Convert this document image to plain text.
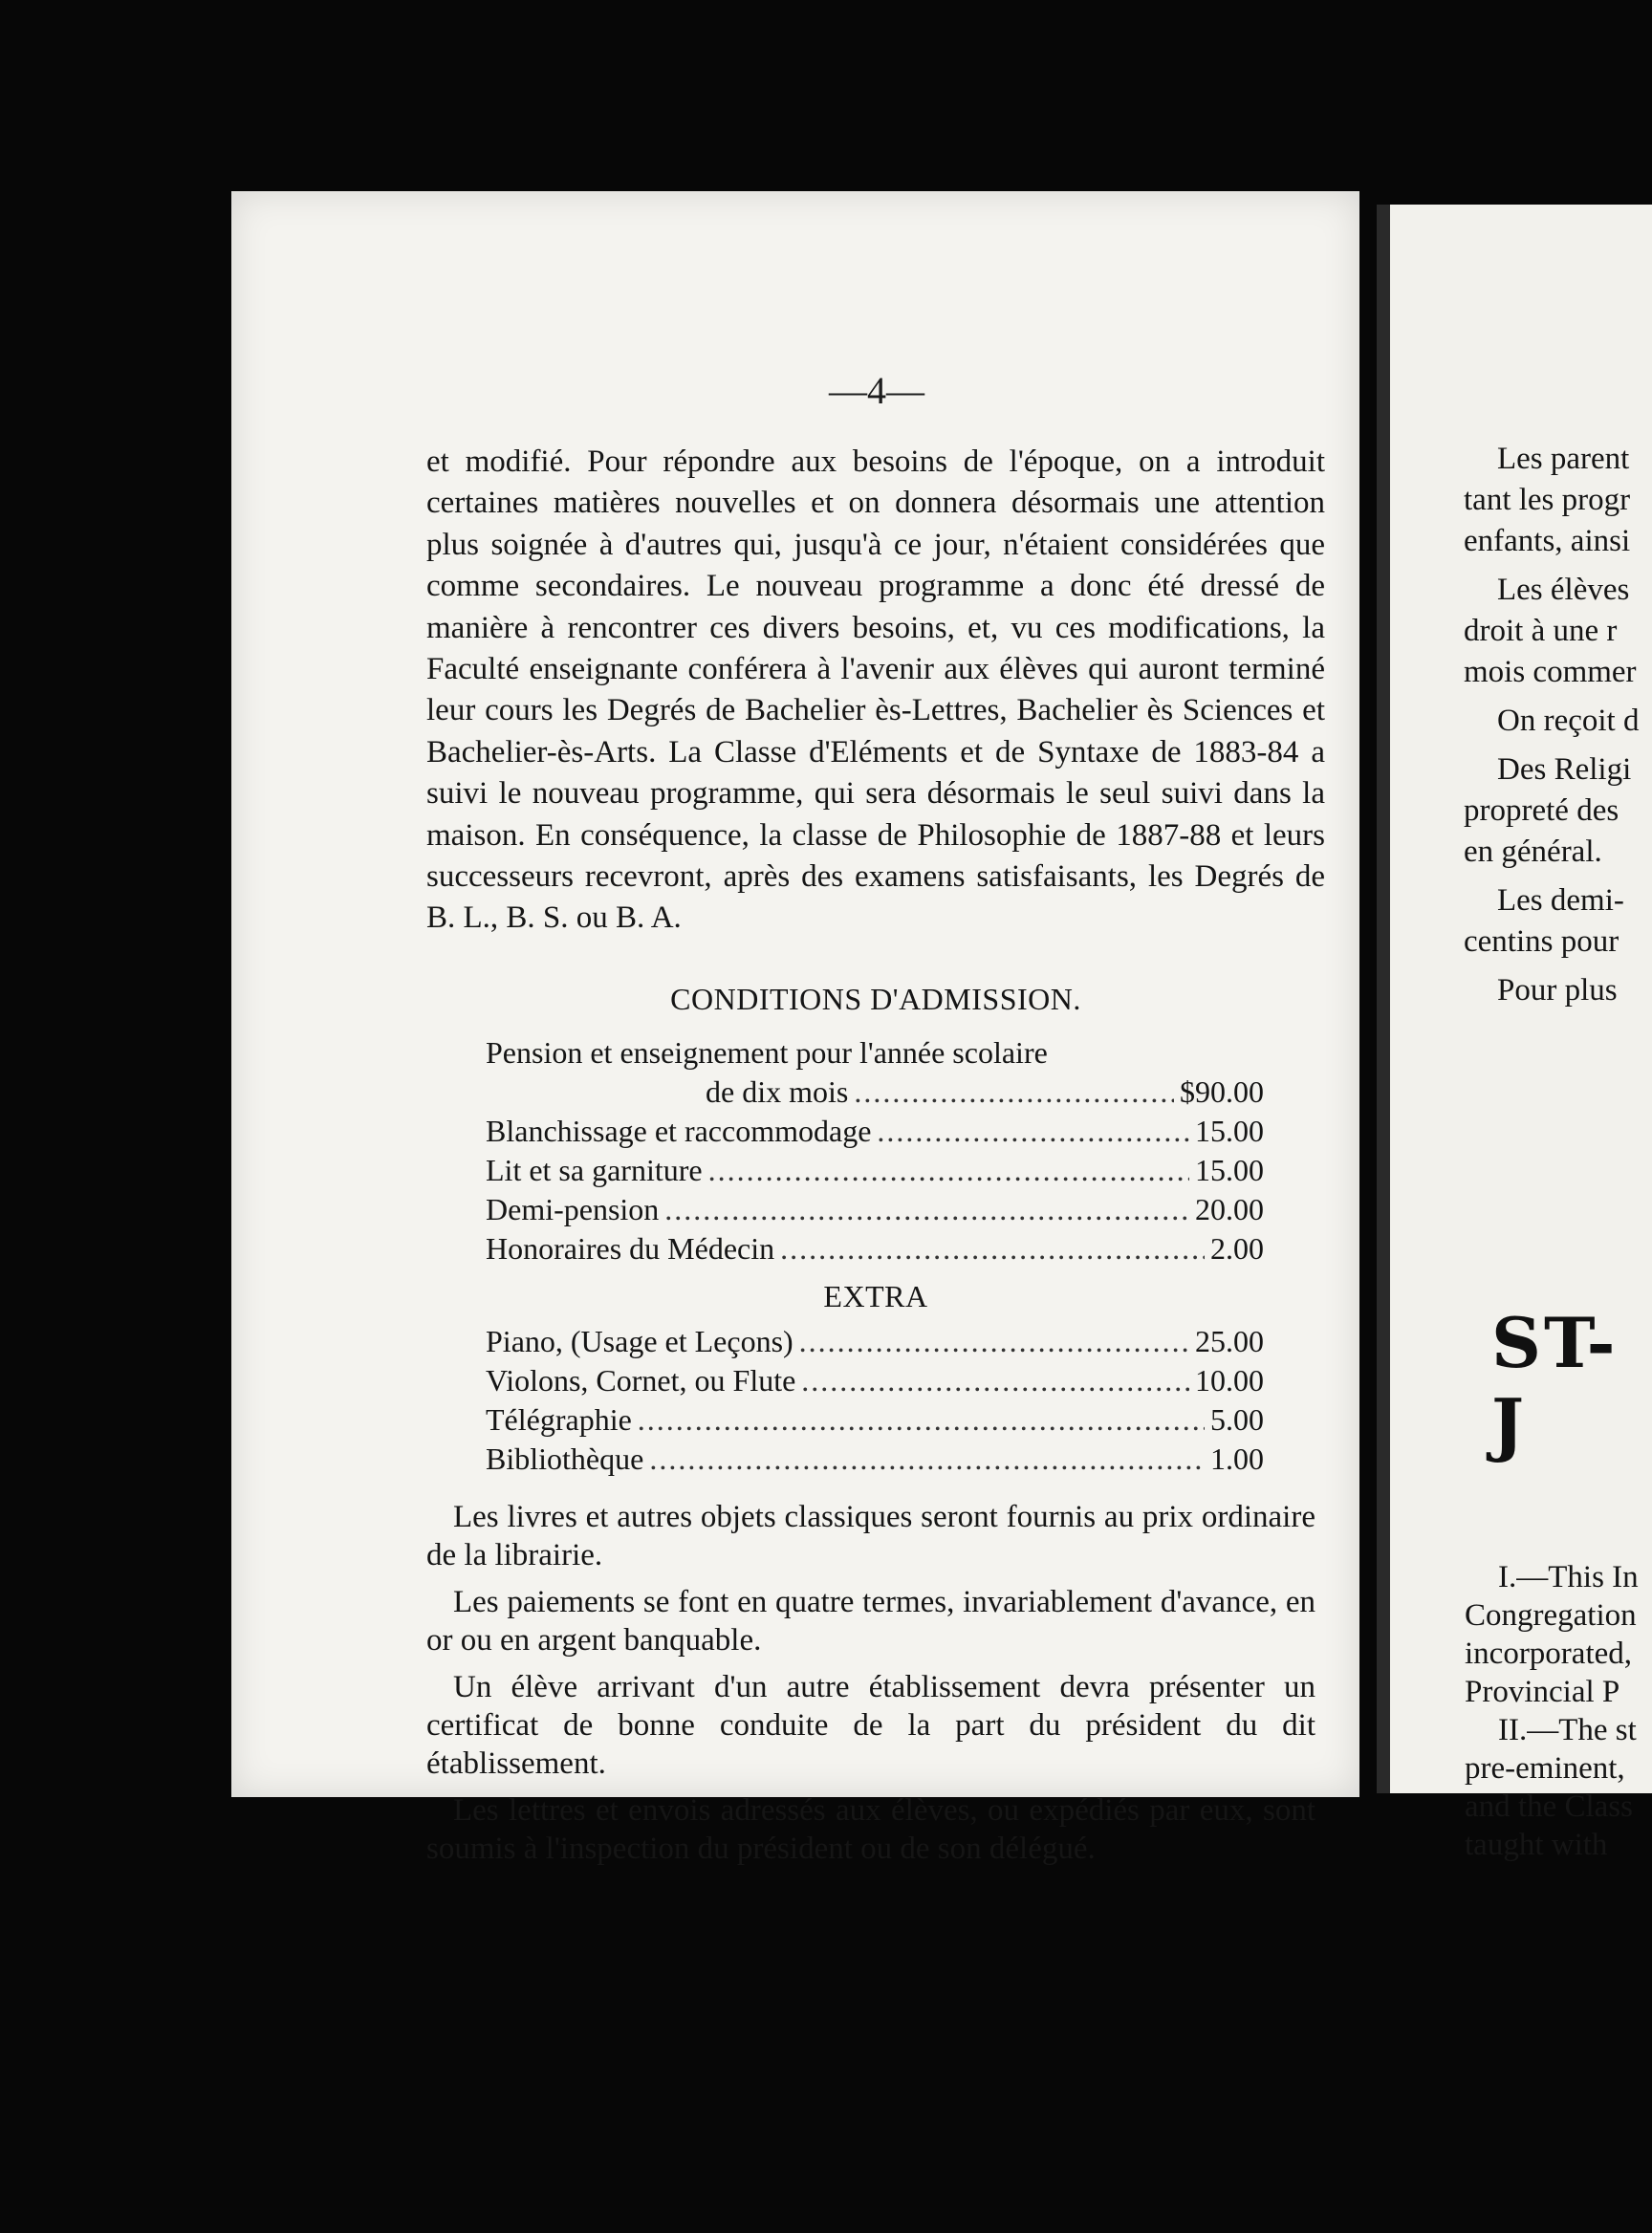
—4—

et modifié. Pour répondre aux besoins de l'époque, on a introduit certaines matières nouvelles et on donnera désormais une attention plus soignée à d'autres qui, jusqu'à ce jour, n'étaient considérées que comme secondaires. Le nouveau programme a donc été dressé de manière à rencontrer ces divers besoins, et, vu ces modifications, la Faculté enseignante conférera à l'avenir aux élèves qui auront terminé leur cours les Degrés de Bachelier ès-Lettres, Bachelier ès Sciences et Bachelier-ès-Arts. La Classe d'Eléments et de Syntaxe de 1883-84 a suivi le nouveau programme, qui sera désormais le seul suivi dans la maison. En conséquence, la classe de Philosophie de 1887-88 et leurs successeurs recevront, après des examens satisfaisants, les Degrés de B. L., B. S. ou B. A.

CONDITIONS D'ADMISSION.
Pension et enseignement pour l'année scolaire
de dix mois .....	$90.00
Blanchissage et raccommodage .....	15.00
Lit et sa garniture .....	15.00
Demi-pension .....	20.00
Honoraires du Médecin .....	2.00
EXTRA
Piano, (Usage et Leçons) .....	25.00
Violons, Cornet, ou Flute .....	10.00
Télégraphie .....	5.00
Bibliothèque .....	1.00

Les livres et autres objets classiques seront fournis au prix ordinaire de la librairie.

Les paiements se font en quatre termes, invariablement d'avance, en or ou en argent banquable.

Un élève arrivant d'un autre établissement devra présenter un certificat de bonne conduite de la part du président du dit établissement.

Les lettres et envois adressés aux élèves, ou expédiés par eux, sont soumis à l'inspection du président ou de son délégué.

Les parent

tant les progr

enfants, ainsi

Les élèves

droit à une r

mois commer

On reçoit d

Des Religi

propreté des

en général.

Les demi-

centins pour

Pour plus

ST-J
I.—This In
Congregation
incorporated,
Provincial P
II.—The st
pre-eminent,
and the Class
taught with
